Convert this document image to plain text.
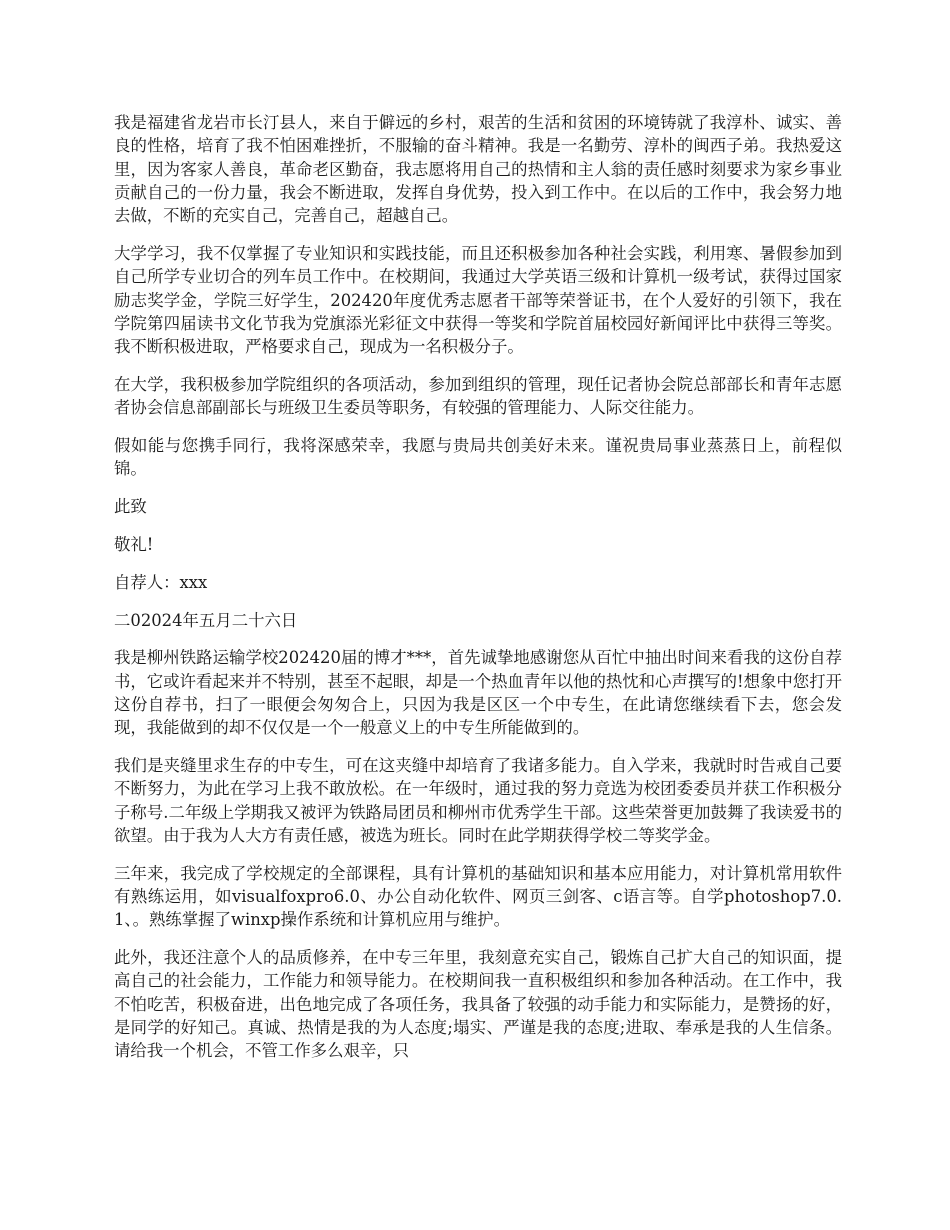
我是福建省龙岩市长汀县人，来自于僻远的乡村，艰苦的生活和贫困的环境铸就了我淳朴、诚实、善良的性格，培育了我不怕困难挫折，不服输的奋斗精神。我是一名勤劳、淳朴的闽西子弟。我热爱这里，因为客家人善良，革命老区勤奋，我志愿将用自己的热情和主人翁的责任感时刻要求为家乡事业贡献自己的一份力量，我会不断进取，发挥自身优势，投入到工作中。在以后的工作中，我会努力地去做，不断的充实自己，完善自己，超越自己。

大学学习，我不仅掌握了专业知识和实践技能，而且还积极参加各种社会实践，利用寒、暑假参加到自己所学专业切合的列车员工作中。在校期间，我通过大学英语三级和计算机一级考试，获得过国家励志奖学金，学院三好学生，202420年度优秀志愿者干部等荣誉证书，在个人爱好的引领下，我在学院第四届读书文化节我为党旗添光彩征文中获得一等奖和学院首届校园好新闻评比中获得三等奖。我不断积极进取，严格要求自己，现成为一名积极分子。

在大学，我积极参加学院组织的各项活动，参加到组织的管理，现任记者协会院总部部长和青年志愿者协会信息部副部长与班级卫生委员等职务，有较强的管理能力、人际交往能力。

假如能与您携手同行，我将深感荣幸，我愿与贵局共创美好未来。谨祝贵局事业蒸蒸日上，前程似锦。

此致

敬礼!

自荐人：xxx

二02024年五月二十六日

我是柳州铁路运输学校202420届的博才***，首先诚挚地感谢您从百忙中抽出时间来看我的这份自荐书，它或许看起来并不特别，甚至不起眼，却是一个热血青年以他的热忱和心声撰写的!想象中您打开这份自荐书，扫了一眼便会匆匆合上，只因为我是区区一个中专生，在此请您继续看下去，您会发现，我能做到的却不仅仅是一个一般意义上的中专生所能做到的。

我们是夹缝里求生存的中专生，可在这夹缝中却培育了我诸多能力。自入学来，我就时时告戒自己要不断努力，为此在学习上我不敢放松。在一年级时，通过我的努力竞选为校团委委员并获工作积极分子称号.二年级上学期我又被评为铁路局团员和柳州市优秀学生干部。这些荣誉更加鼓舞了我读爱书的欲望。由于我为人大方有责任感，被选为班长。同时在此学期获得学校二等奖学金。

三年来，我完成了学校规定的全部课程，具有计算机的基础知识和基本应用能力，对计算机常用软件有熟练运用，如visualfoxpro6.0、办公自动化软件、网页三剑客、c语言等。自学photoshop7.0.1、。熟练掌握了winxp操作系统和计算机应用与维护。

此外，我还注意个人的品质修养，在中专三年里，我刻意充实自己，锻炼自己扩大自己的知识面，提高自己的社会能力，工作能力和领导能力。在校期间我一直积极组织和参加各种活动。在工作中，我不怕吃苦，积极奋进，出色地完成了各项任务，我具备了较强的动手能力和实际能力，是赞扬的好，是同学的好知己。真诚、热情是我的为人态度;塌实、严谨是我的态度;进取、奉承是我的人生信条。请给我一个机会，不管工作多么艰辛，只
